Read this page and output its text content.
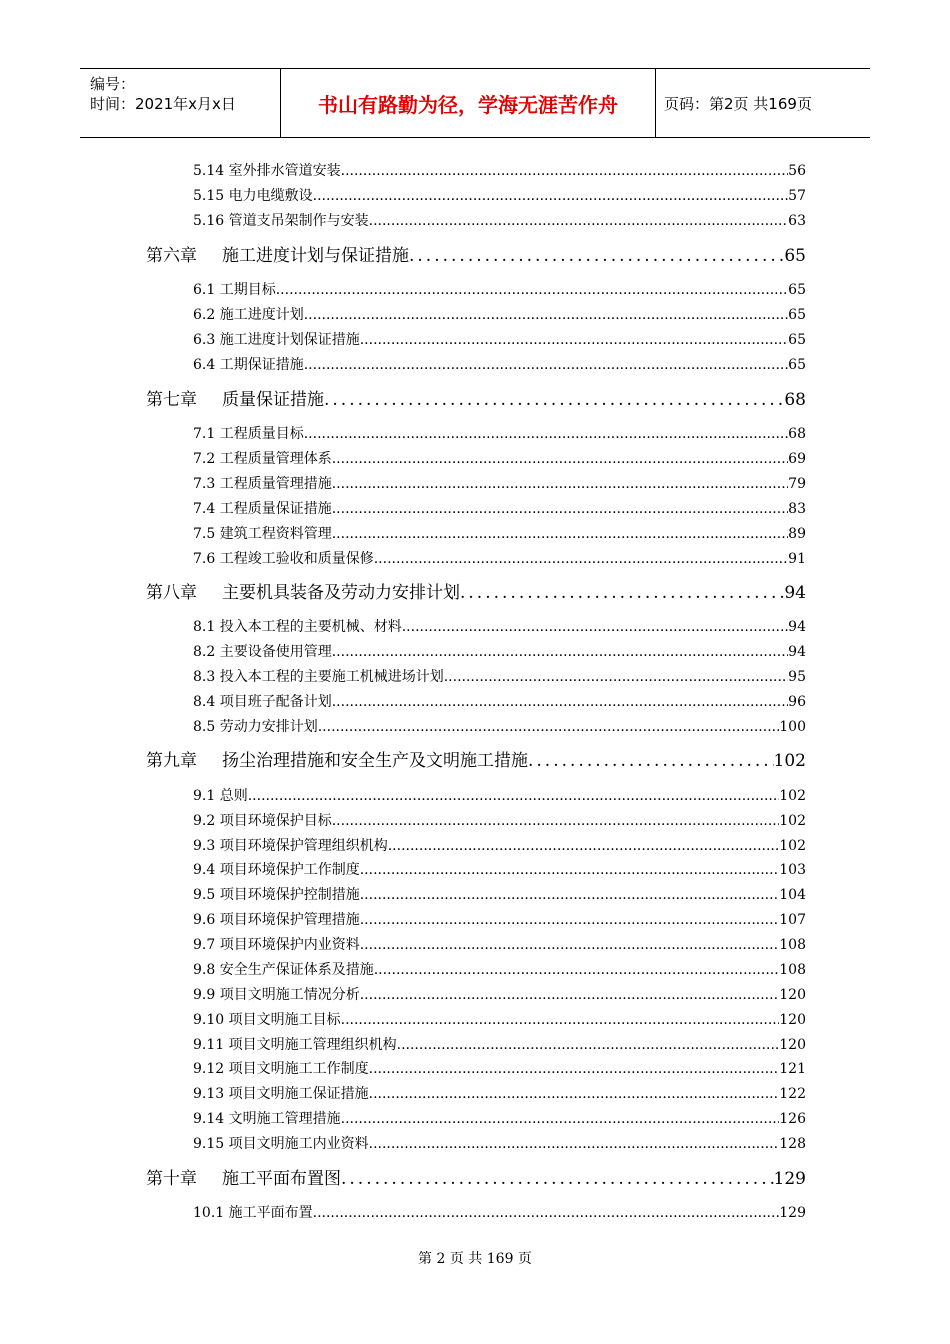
编号：
时间：2021年x月x日	书山有路勤为径，学海无涯苦作舟	页码：第2页 共169页
5.14 室外排水管道安装 .....	56
5.15 电力电缆敷设 .....	57
5.16 管道支吊架制作与安装 .....	63
第六章 施工进度计划与保证措施 .....	65
6.1 工期目标 .....	65
6.2 施工进度计划 .....	65
6.3 施工进度计划保证措施 .....	65
6.4 工期保证措施 .....	65
第七章 质量保证措施 .....	68
7.1 工程质量目标 .....	68
7.2 工程质量管理体系 .....	69
7.3 工程质量管理措施 .....	79
7.4 工程质量保证措施 .....	83
7.5 建筑工程资料管理 .....	89
7.6 工程竣工验收和质量保修 .....	91
第八章 主要机具装备及劳动力安排计划 .....	94
8.1 投入本工程的主要机械、材料 .....	94
8.2 主要设备使用管理 .....	94
8.3 投入本工程的主要施工机械进场计划 .....	95
8.4 项目班子配备计划 .....	96
8.5 劳动力安排计划 .....	100
第九章 扬尘治理措施和安全生产及文明施工措施 .....	102
9.1 总则 .....	102
9.2 项目环境保护目标 .....	102
9.3 项目环境保护管理组织机构 .....	102
9.4 项目环境保护工作制度 .....	103
9.5 项目环境保护控制措施 .....	104
9.6 项目环境保护管理措施 .....	107
9.7 项目环境保护内业资料 .....	108
9.8 安全生产保证体系及措施 .....	108
9.9 项目文明施工情况分析 .....	120
9.10 项目文明施工目标 .....	120
9.11 项目文明施工管理组织机构 .....	120
9.12 项目文明施工工作制度 .....	121
9.13 项目文明施工保证措施 .....	122
9.14 文明施工管理措施 .....	126
9.15 项目文明施工内业资料 .....	128
第十章 施工平面布置图 .....	129
10.1 施工平面布置 .....	129
第 2 页 共 169 页
